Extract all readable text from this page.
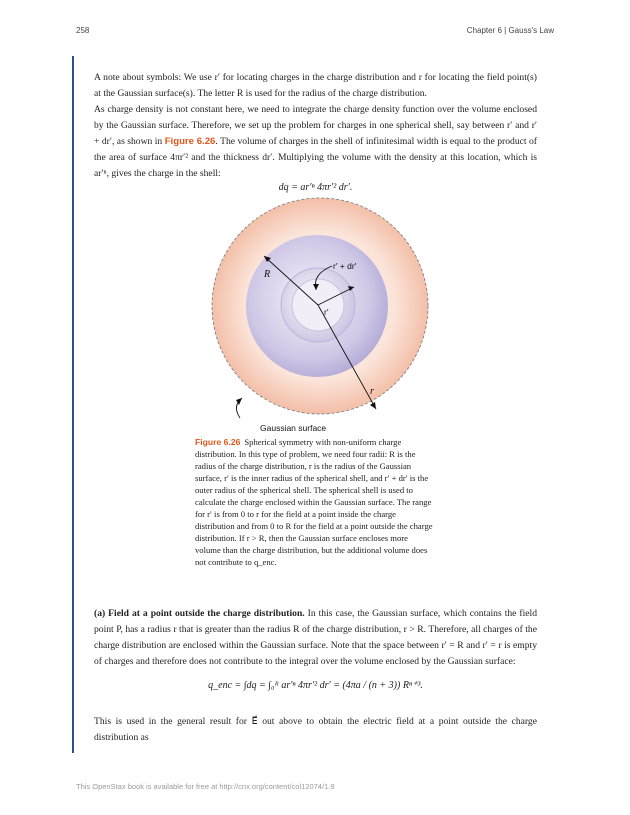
258	Chapter 6 | Gauss's Law
A note about symbols: We use r′ for locating charges in the charge distribution and r for locating the field point(s) at the Gaussian surface(s). The letter R is used for the radius of the charge distribution.
As charge density is not constant here, we need to integrate the charge density function over the volume enclosed by the Gaussian surface. Therefore, we set up the problem for charges in one spherical shell, say between r′ and r′ + dr′, as shown in Figure 6.26. The volume of charges in the shell of infinitesimal width is equal to the product of the area of surface 4πr′² and the thickness dr′. Multiplying the volume with the density at this location, which is ar′ⁿ, gives the charge in the shell:
dq = ar′ⁿ 4πr′² dr′.
R
r′ + dr′
r′
r
Gaussian surface
Figure 6.26 Spherical symmetry with non-uniform charge distribution. In this type of problem, we need four radii: R is the radius of the charge distribution, r is the radius of the Gaussian surface, r′ is the inner radius of the spherical shell, and r′ + dr′ is the outer radius of the spherical shell. The spherical shell is used to calculate the charge enclosed within the Gaussian surface. The range for r′ is from 0 to r for the field at a point inside the charge distribution and from 0 to R for the field at a point outside the charge distribution. If r > R, then the Gaussian surface encloses more volume than the charge distribution, but the additional volume does not contribute to q_enc.
(a) Field at a point outside the charge distribution. In this case, the Gaussian surface, which contains the field point P, has a radius r that is greater than the radius R of the charge distribution, r > R. Therefore, all charges of the charge distribution are enclosed within the Gaussian surface. Note that the space between r′ = R and r′ = r is empty of charges and therefore does not contribute to the integral over the volume enclosed by the Gaussian surface:
q_enc = ∫dq = ∫₀ᴿ ar′ⁿ 4πr′² dr′ = (4πa / (n + 3)) Rⁿ⁺³.
This is used in the general result for E⃗ out above to obtain the electric field at a point outside the charge distribution as
This OpenStax book is available for free at http://cnx.org/content/col12074/1.9
